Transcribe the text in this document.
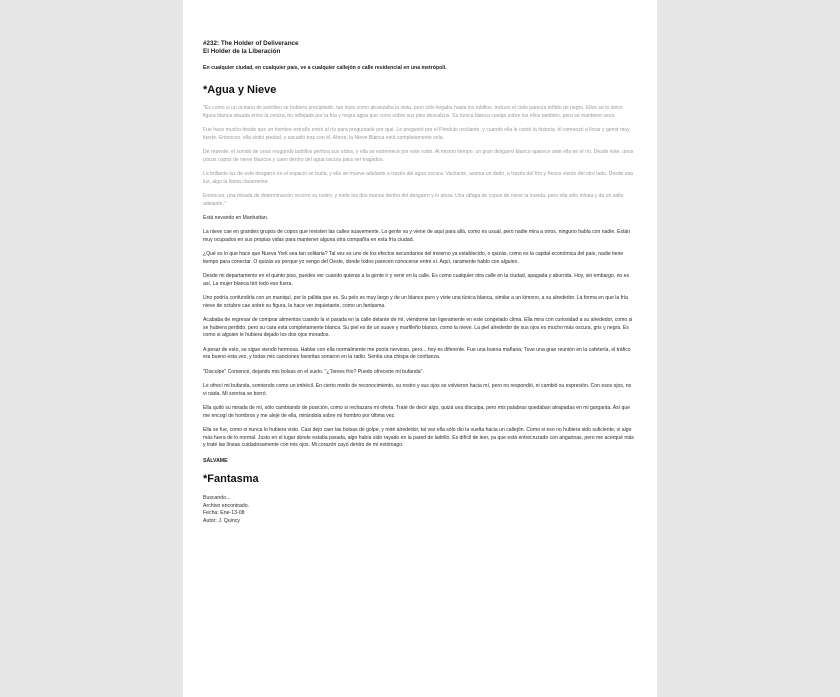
#232: The Holder of Deliverance
El Holder de la Liberación

En cualquier ciudad, en cualquier país, ve a cualquier callejón o calle residencial en una metrópoli.

*Agua y Nieve

"Es como si un océano de petróleo se hubiera precipitado, tan lejos como alcanzaba la vista, pero sólo llegaba hasta los tobillos. Incluso el cielo parecía teñido de negro. Ellos se lo único figura blanca situada entre la ceniza, no reflejada por la fría y negra agua que corre sobre sus pies descalzos. Su túnica blanca cuelga sobre los ellos también, pero se mantiene seca.

Fue hace mucho desde que un hombre extraño entró al río para preguntarle por qué. Le preguntó por el Péndulo oscilante, y cuando ella le contó la historia, él comenzó a llorar y gemir muy fuerte. Entonces, ella sintió piedad, y sacudió tras con él. Ahora, la Nieve Blanca está completamente sola.

De repente, el sonido de unos resgando ladrillos perfora sus oídos, y ella se estremece por este ruido. Al mismo tiempo, un gran desgarro blanco aparece ante ella en el río. Desde éste, unos pocos copos de nieve blancos y caen dentro del agua oscura para ser tragados.

La brillante luz de este desgarro en el espacio se burla, y ella se mueve adelante a través del agua oscura. Vacilante, asoma un dedo, a través del frío y fresco viento del otro lado. Desde esa luz, algo la llama claramente.

Entonces, una mirada de determinación recorre su rostro, y mete los dos manos dentro del desgarro y lo atora. Una ráfaga de copos de nieve la inunda, pero ella sólo inhala y da un salto adelante."

Está nevando en Manhattan.

La nieve cae en grandes grupos de copos que revisten las calles suavemente. La gente va y viene de aquí para allá, como es usual, pero nadie mira a otros, ninguno habla con nadie. Están muy ocupados en sus propias vidas para mantener alguna otra compañía en esta fría ciudad.

¿Qué es lo que hace que Nueva York sea tan solitaria? Tal vez es uno de los efectos secundarios del invierno ya establecido, o quizás, como es la capital económica del país, nadie tiene tiempo para conectar. O quizás es porque yo vengo del Oeste, donde todos parecen conocerse entre sí. Aquí, raramente hablo con alguien.

Desde mi departamento en el quinto piso, puedes ver cuando quieras a la gente ir y venir en la calle. Es como cualquier otra calle en la ciudad, apagada y aburrida. Hoy, sin embargo, no es así. La mujer blanca tiró todo eso fuera.

Uno podría confundirla con un maniquí, por lo pálida que es. Su pelo es muy largo y de un blanco puro y viste una túnica blanca, similar a un kimono, a su alrededor. La forma en que la fría nieve de octubre cae sobre su figura, la hace ver inquietante, como un fantasma.

Acababa de regresar de comprar alimentos cuando la vi parada en la calle delante de mí, viéndome tan ligeramente en este congelado clima. Ella mira con curiosidad a su alrededor, como si se hubiera perdido, pero su cara está completamente blanca. Su piel es de un suave y marfileño blanco, como la nieve. La piel alrededor de sus ojos es mucho más oscura, gris y negra. Es como si alguien le hubiera dejado los dos ojos morados.

A pesar de esto, se sigue viendo hermosa. Hablar con ella normalmente me ponía nervioso, pero... hoy es diferente. Fue una buena mañana; Tuve una gran reunión en la cafetería, el tráfico era bueno esta vez, y todas mis canciones favoritas sonaron en la radio. Sentía una chispa de confianza.

"Disculpe" Comencé, dejando mis bolsas en el suelo. "¿Tienes frío? Puedo ofrecerte mi bufanda".

Le ofrecí mi bufanda, sonriendo como un imbécil. En cierto modo de reconocimiento, su rostro y sus ojos se volvieron hacia mí, pero no respondió, ni cambió su expresión. Con esos ojos, no vi nada. Mi sonrisa se borró.

Ella quitó su mirada de mí, sólo cambiando de posición, como si rechazara mi oferta. Traté de decir algo, quizá una disculpa, pero mis palabras quedaban atrapadas en mi garganta. Así que me encogí de hombros y me alejé de ella, mirándola sobre mi hombro por última vez.

Ella se fue, como si nunca lo hubiera visto. Casi dejo caer las bolsas de golpe, y miré alrededor, tal vez ella sólo dio la vuelta hacia un callejón. Como si eso no hubiera sido suficiente, vi algo más fuera de lo normal. Justo en el lugar donde estaba parada, algo había sido rayado en la pared de ladrillo. Es difícil de leer, ya que está entrecruzado con angarinas, pero me acerqué más y traté las líneas cuidadosamente con mis ojos. Mi corazón cayó dentro de mi estómago.

SÁLVAME

*Fantasma
Buscando...
Archivo encontrado.
Fecha: Ene-13-08
Autor: J. Quincy
